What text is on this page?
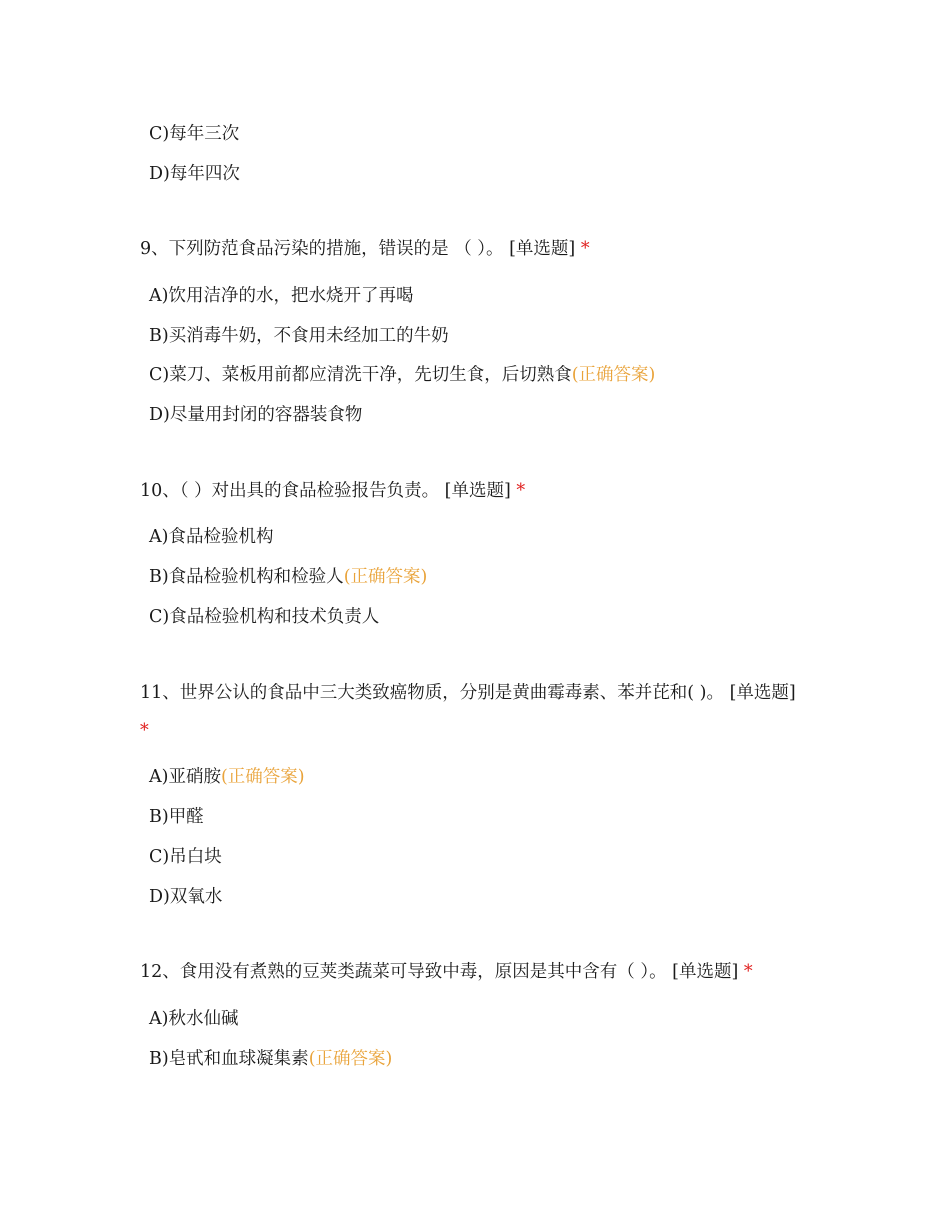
C)每年三次
D)每年四次
9、下列防范食品污染的措施，错误的是 （ ）。 [单选题] *
A)饮用洁净的水，把水烧开了再喝
B)买消毒牛奶，不食用未经加工的牛奶
C)菜刀、菜板用前都应清洗干净，先切生食，后切熟食(正确答案)
D)尽量用封闭的容器装食物
10、（ ）对出具的食品检验报告负责。 [单选题] *
A)食品检验机构
B)食品检验机构和检验人(正确答案)
C)食品检验机构和技术负责人
11、世界公认的食品中三大类致癌物质，分别是黄曲霉毒素、苯并芘和( )。 [单选题] *
A)亚硝胺(正确答案)
B)甲醛
C)吊白块
D)双氧水
12、食用没有煮熟的豆荚类蔬菜可导致中毒，原因是其中含有（ ）。 [单选题] *
A)秋水仙碱
B)皂甙和血球凝集素(正确答案)
